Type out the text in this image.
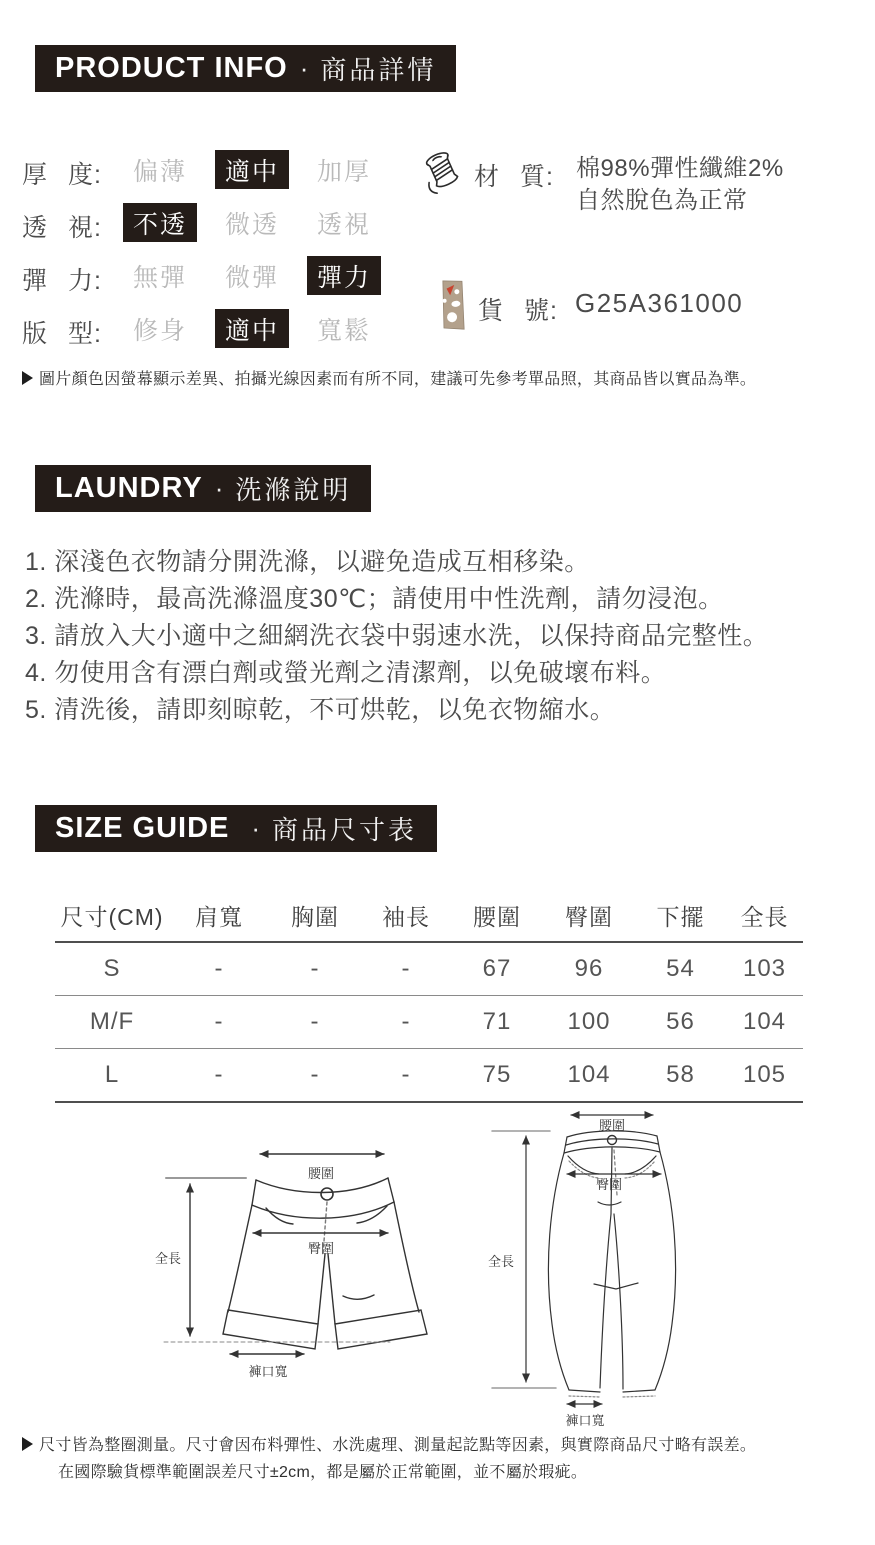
PRODUCT INFO · 商品詳情
厚 度:	偏薄	適中	加厚
透 視:	不透	微透	透視
彈 力:	無彈	微彈	彈力
版 型:	修身	適中	寬鬆
材 質: 棉98%彈性纖維2%
自然脫色為正常
貨 號: G25A361000
圖片顏色因螢幕顯示差異、拍攝光線因素而有所不同，建議可先參考單品照，其商品皆以實品為準。
LAUNDRY · 洗滌說明
1. 深淺色衣物請分開洗滌，以避免造成互相移染。
2. 洗滌時，最高洗滌溫度30℃；請使用中性洗劑，請勿浸泡。
3. 請放入大小適中之細網洗衣袋中弱速水洗，以保持商品完整性。
4. 勿使用含有漂白劑或螢光劑之清潔劑，以免破壞布料。
5. 清洗後，請即刻晾乾，不可烘乾，以免衣物縮水。
SIZE GUIDE · 商品尺寸表
尺寸(CM)	肩寬	胸圍	袖長	腰圍	臀圍	下擺	全長
S	-	-	-	67	96	54	103
M/F	-	-	-	71	100	56	104
L	-	-	-	75	104	58	105
腰圍
臀圍
全長
褲口寬
腰圍
臀圍
全長
褲口寬
尺寸皆為整圈測量。尺寸會因布料彈性、水洗處理、測量起訖點等因素，與實際商品尺寸略有誤差。
在國際驗貨標準範圍誤差尺寸±2cm，都是屬於正常範圍，並不屬於瑕疵。
